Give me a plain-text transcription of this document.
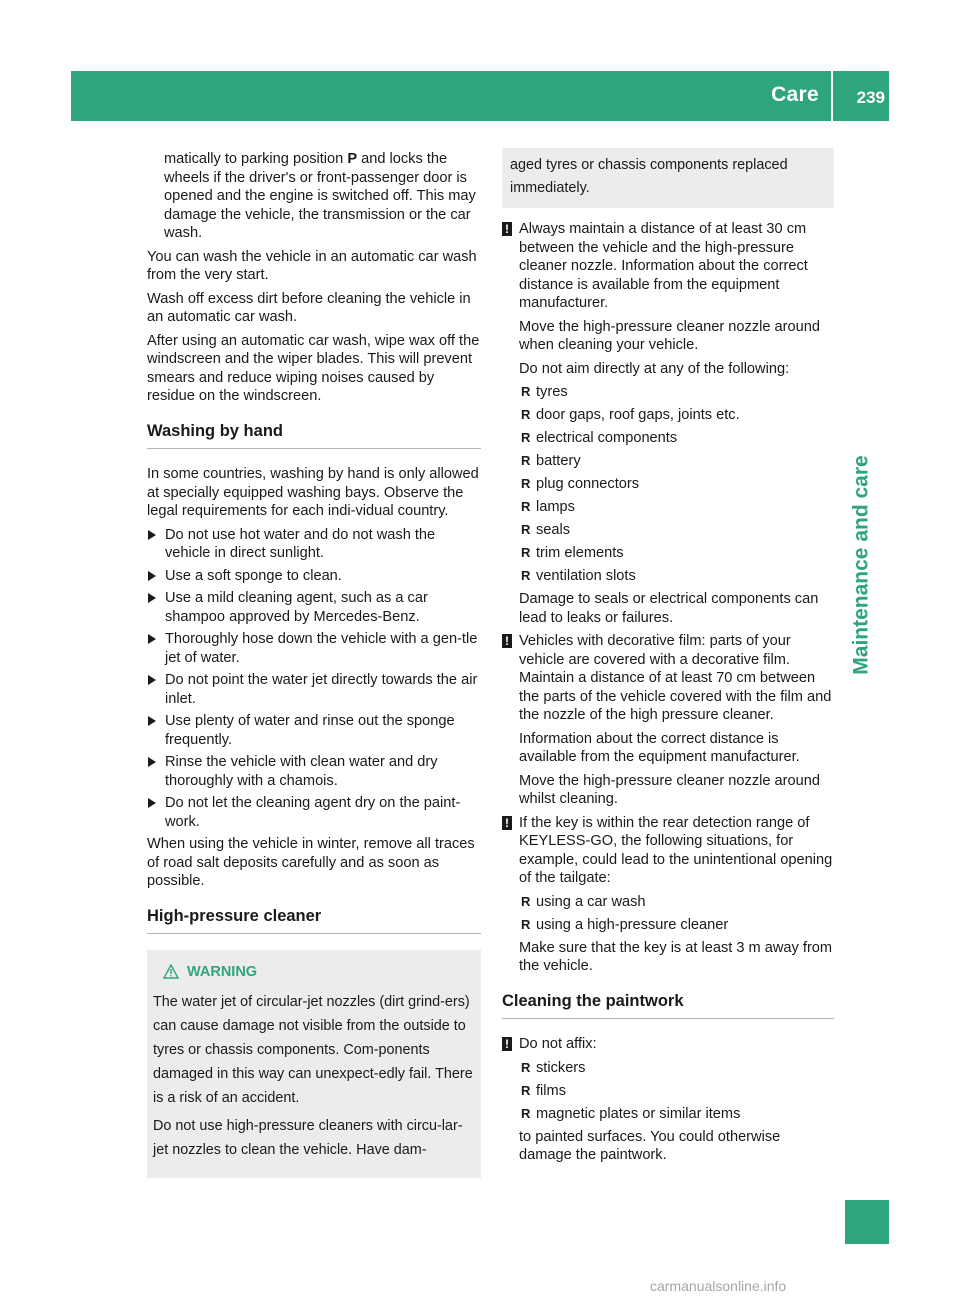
Care 239
Maintenance and care

matically to parking position P and locks the wheels if the driver's or front-passenger door is opened and the engine is switched off. This may damage the vehicle, the transmission or the car wash.

You can wash the vehicle in an automatic car wash from the very start.

Wash off excess dirt before cleaning the vehicle in an automatic car wash.

After using an automatic car wash, wipe wax off the windscreen and the wiper blades. This will prevent smears and reduce wiping noises caused by residue on the windscreen.

Washing by hand

In some countries, washing by hand is only allowed at specially equipped washing bays. Observe the legal requirements for each indi-vidual country.

Do not use hot water and do not wash the vehicle in direct sunlight.
Use a soft sponge to clean.
Use a mild cleaning agent, such as a car shampoo approved by Mercedes-Benz.
Thoroughly hose down the vehicle with a gen-tle jet of water.
Do not point the water jet directly towards the air inlet.
Use plenty of water and rinse out the sponge frequently.
Rinse the vehicle with clean water and dry thoroughly with a chamois.
Do not let the cleaning agent dry on the paint-work.

When using the vehicle in winter, remove all traces of road salt deposits carefully and as soon as possible.

High-pressure cleaner
WARNING

The water jet of circular-jet nozzles (dirt grind-ers) can cause damage not visible from the outside to tyres or chassis components. Com-ponents damaged in this way can unexpect-edly fail. There is a risk of an accident.

Do not use high-pressure cleaners with circu-lar-jet nozzles to clean the vehicle. Have dam-

aged tyres or chassis components replaced immediately.
! Always maintain a distance of at least 30 cm between the vehicle and the high-pressure cleaner nozzle. Information about the correct distance is available from the equipment manufacturer.

Move the high-pressure cleaner nozzle around when cleaning your vehicle.

Do not aim directly at any of the following:

R tyres
R door gaps, roof gaps, joints etc.
R electrical components
R battery
R plug connectors
R lamps
R seals
R trim elements
R ventilation slots

Damage to seals or electrical components can lead to leaks or failures.

! Vehicles with decorative film: parts of your vehicle are covered with a decorative film. Maintain a distance of at least 70 cm between the parts of the vehicle covered with the film and the nozzle of the high pressure cleaner.

Information about the correct distance is available from the equipment manufacturer.

Move the high-pressure cleaner nozzle around whilst cleaning.

! If the key is within the rear detection range of KEYLESS-GO, the following situations, for example, could lead to the unintentional opening of the tailgate:

R using a car wash
R using a high-pressure cleaner

Make sure that the key is at least 3 m away from the vehicle.

Cleaning the paintwork
! Do not affix:

R stickers
R films
R magnetic plates or similar items

to painted surfaces. You could otherwise damage the paintwork.

carmanualsonline.info
